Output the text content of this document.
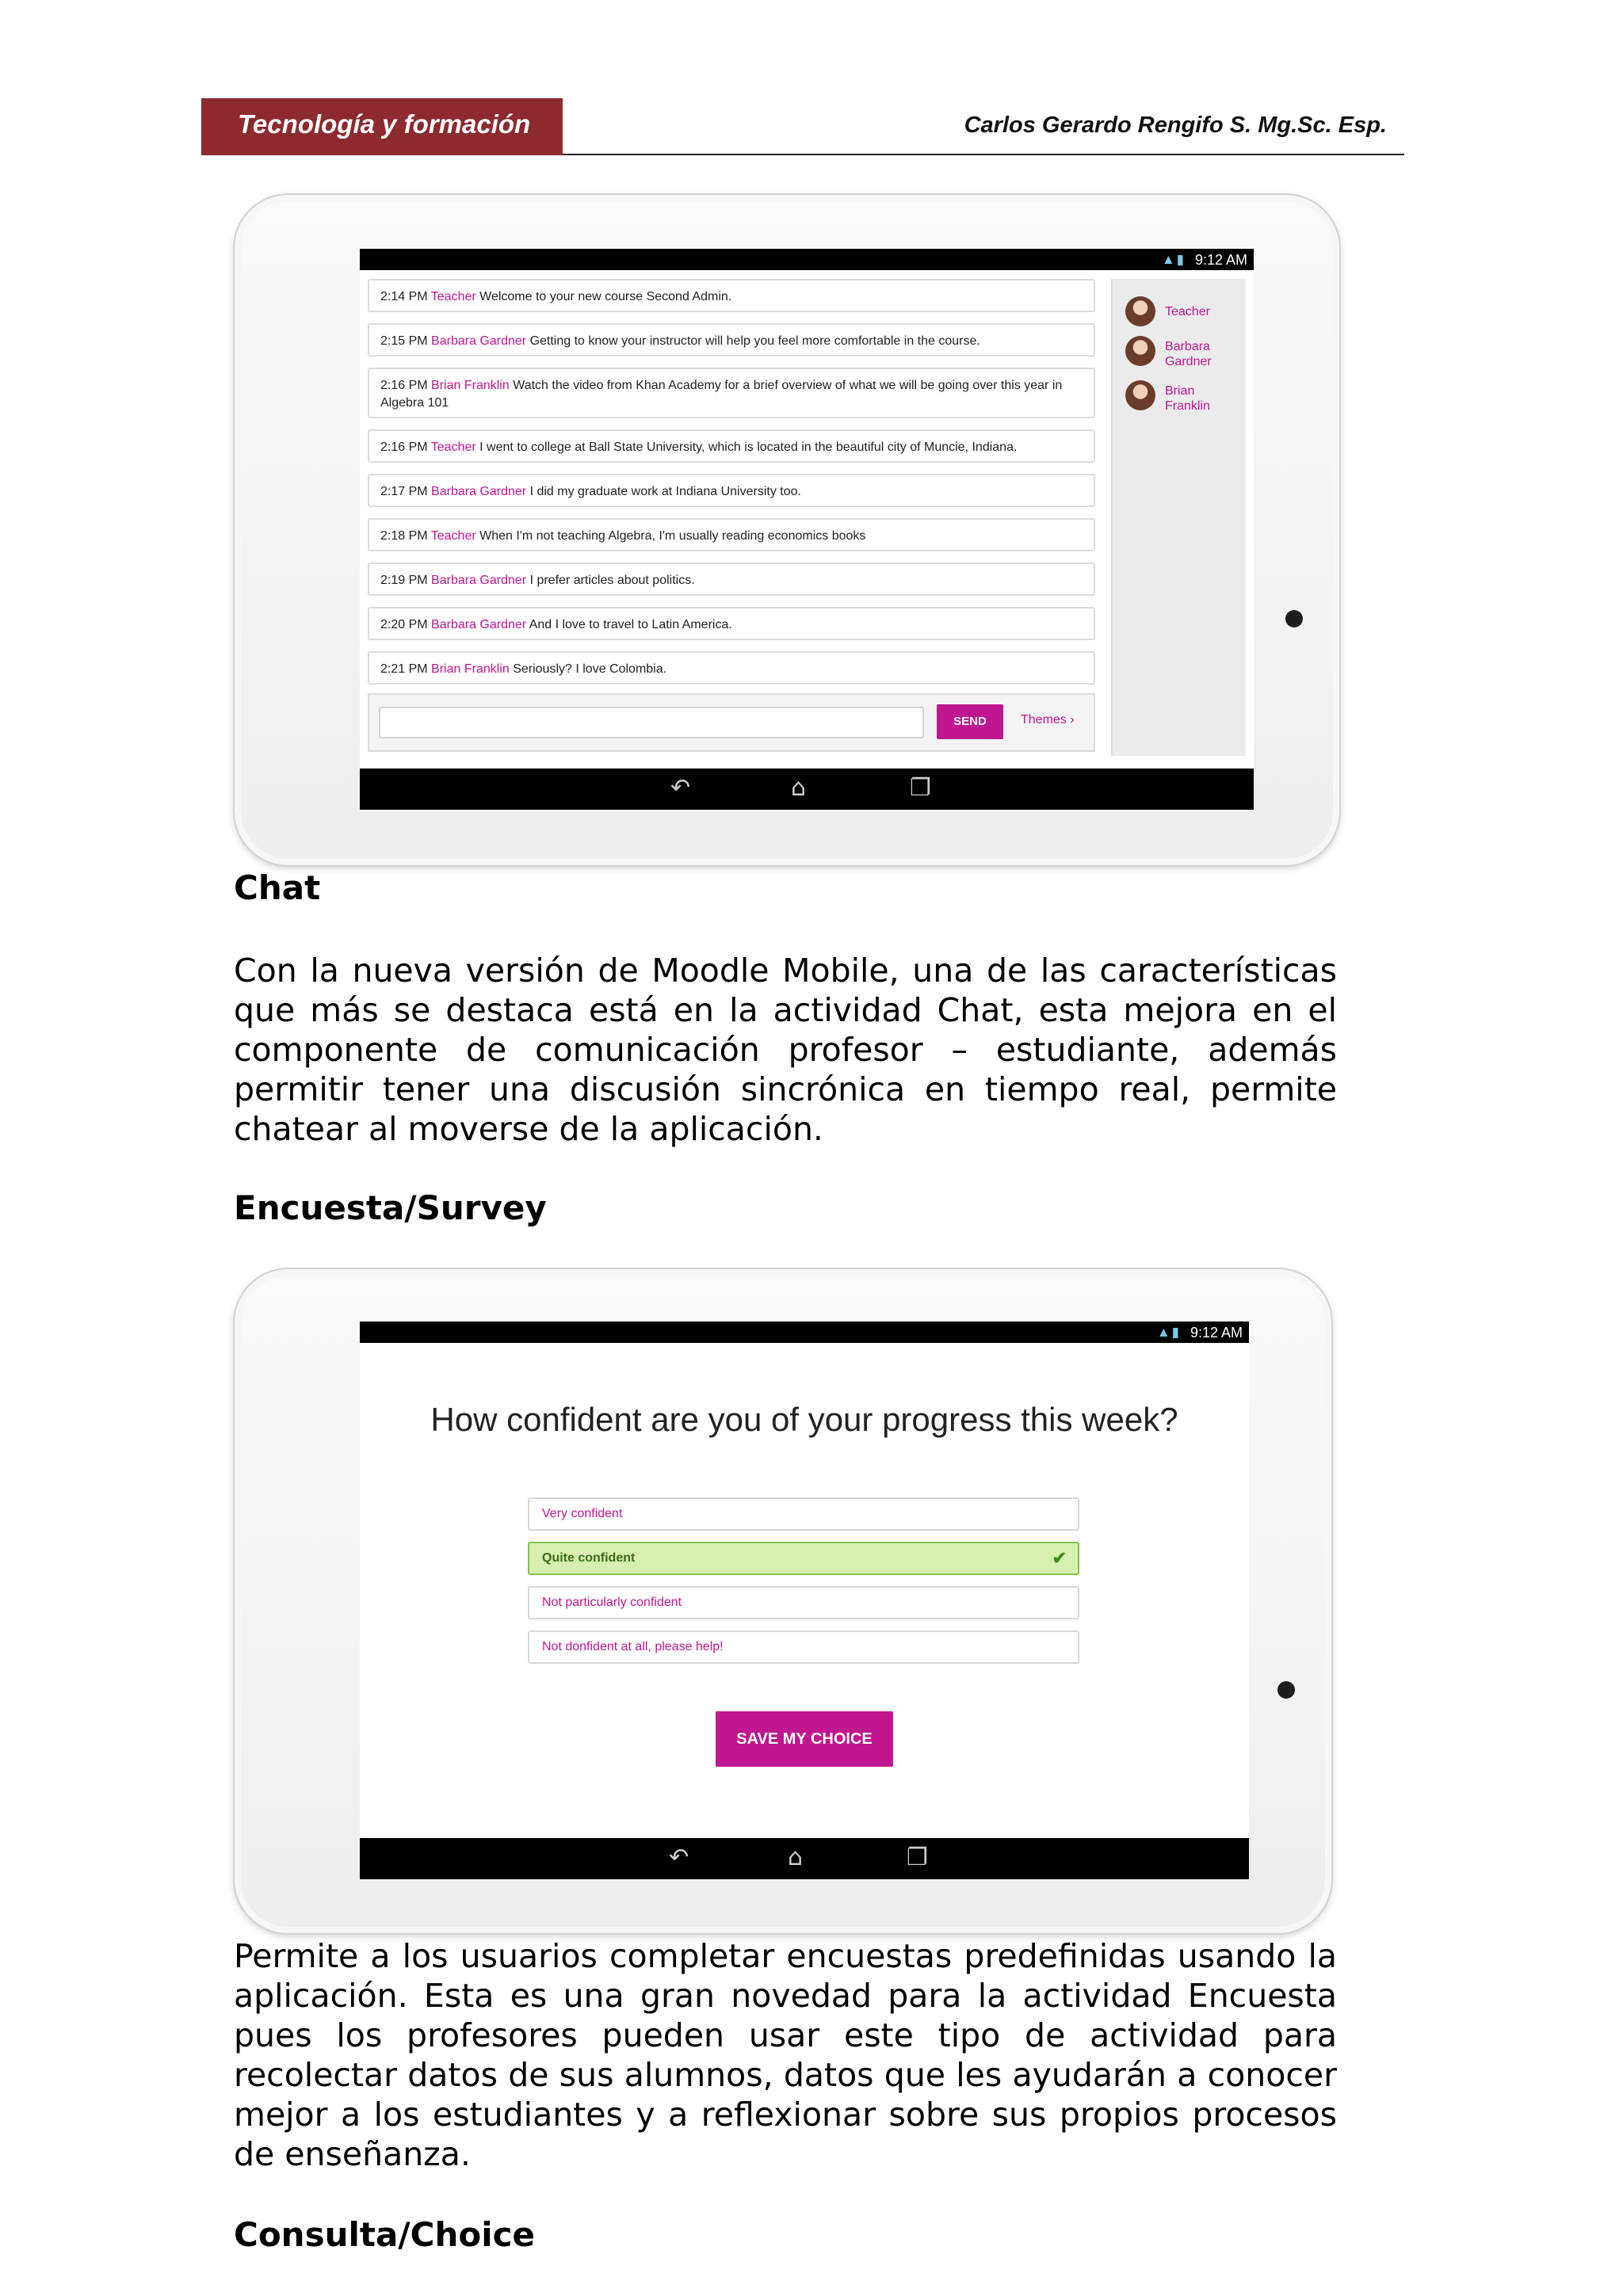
Tecnología y formación	Carlos Gerardo Rengifo S. Mg.Sc. Esp.
▲▮ 9:12 AM
2:14 PM Teacher Welcome to your new course Second Admin.
2:15 PM Barbara Gardner Getting to know your instructor will help you feel more comfortable in the course.
2:16 PM Brian Franklin Watch the video from Khan Academy for a brief overview of what we will be going over this year in Algebra 101
2:16 PM Teacher I went to college at Ball State University, which is located in the beautiful city of Muncie, Indiana.
2:17 PM Barbara Gardner I did my graduate work at Indiana University too.
2:18 PM Teacher When I'm not teaching Algebra, I'm usually reading economics books
2:19 PM Barbara Gardner I prefer articles about politics.
2:20 PM Barbara Gardner And I love to travel to Latin America.
2:21 PM Brian Franklin Seriously? I love Colombia.
SEND	Themes ›
Teacher
Barbara Gardner
Brian Franklin
↶	⌂	❐
Chat
Con la nueva versión de Moodle Mobile, una de las características que más se destaca está en la actividad Chat, esta mejora en el componente de comunicación profesor – estudiante, además permitir tener una discusión sincrónica en tiempo real, permite chatear al moverse de la aplicación.
Encuesta/Survey
▲▮ 9:12 AM
How confident are you of your progress this week?
Very confident
Quite confident	✔
Not particularly confident
Not donfident at all, please help!
SAVE MY CHOICE
↶	⌂	❐
Permite a los usuarios completar encuestas predefinidas usando la aplicación. Esta es una gran novedad para la actividad Encuesta pues los profesores pueden usar este tipo de actividad para recolectar datos de sus alumnos, datos que les ayudarán a conocer mejor a los estudiantes y a reflexionar sobre sus propios procesos de enseñanza.
Consulta/Choice
